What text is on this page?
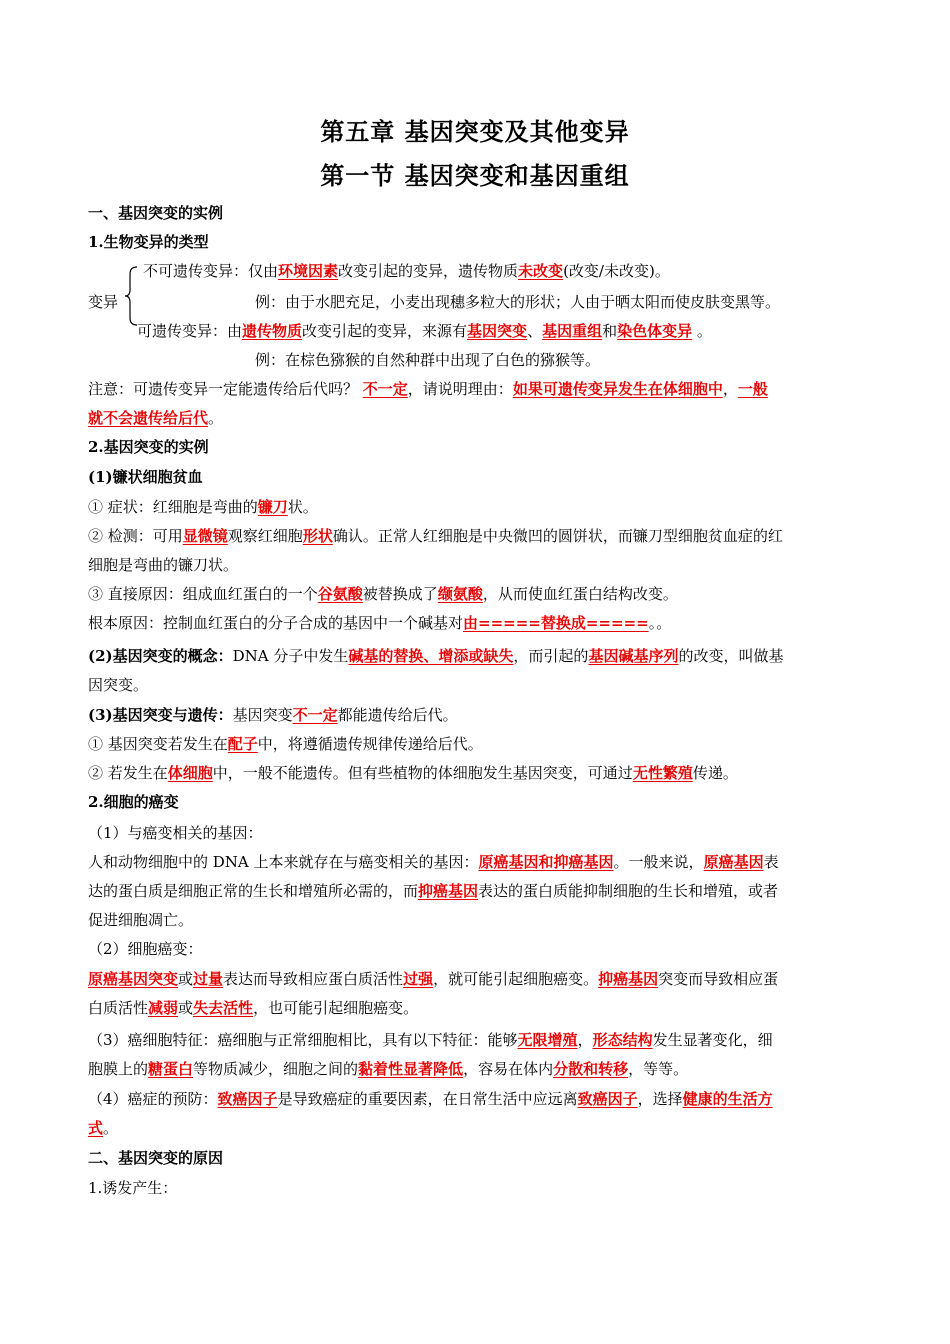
第五章 基因突变及其他变异
第一节 基因突变和基因重组
一、基因突变的实例
1.生物变异的类型
变异
不可遗传变异：仅由环境因素改变引起的变异，遗传物质未改变(改变/未改变)。
例：由于水肥充足，小麦出现穗多粒大的形状；人由于晒太阳而使皮肤变黑等。
可遗传变异：由遗传物质改变引起的变异，来源有基因突变、基因重组和染色体变异 。
例：在棕色猕猴的自然种群中出现了白色的猕猴等。
注意：可遗传变异一定能遗传给后代吗？ 不一定，请说明理由：如果可遗传变异发生在体细胞中，一般
就不会遗传给后代。
2.基因突变的实例
(1)镰状细胞贫血
① 症状：红细胞是弯曲的镰刀状。
② 检测：可用显微镜观察红细胞形状确认。正常人红细胞是中央微凹的圆饼状，而镰刀型细胞贫血症的红
细胞是弯曲的镰刀状。
③ 直接原因：组成血红蛋白的一个谷氨酸被替换成了缬氨酸，从而使血红蛋白结构改变。
根本原因：控制血红蛋白的分子合成的基因中一个碱基对由=====替换成=====。。
(2)基因突变的概念：DNA 分子中发生碱基的替换、增添或缺失，而引起的基因碱基序列的改变，叫做基
因突变。
(3)基因突变与遗传：基因突变不一定都能遗传给后代。
① 基因突变若发生在配子中，将遵循遗传规律传递给后代。
② 若发生在体细胞中，一般不能遗传。但有些植物的体细胞发生基因突变，可通过无性繁殖传递。
2.细胞的癌变
（1）与癌变相关的基因：
人和动物细胞中的 DNA 上本来就存在与癌变相关的基因：原癌基因和抑癌基因。一般来说，原癌基因表
达的蛋白质是细胞正常的生长和增殖所必需的，而抑癌基因表达的蛋白质能抑制细胞的生长和增殖，或者
促进细胞凋亡。
（2）细胞癌变：
原癌基因突变或过量表达而导致相应蛋白质活性过强，就可能引起细胞癌变。抑癌基因突变而导致相应蛋
白质活性减弱或失去活性，也可能引起细胞癌变。
（3）癌细胞特征：癌细胞与正常细胞相比，具有以下特征：能够无限增殖，形态结构发生显著变化，细
胞膜上的糖蛋白等物质减少，细胞之间的黏着性显著降低，容易在体内分散和转移，等等。
（4）癌症的预防：致癌因子是导致癌症的重要因素，在日常生活中应远离致癌因子，选择健康的生活方
式。
二、基因突变的原因
1.诱发产生：
